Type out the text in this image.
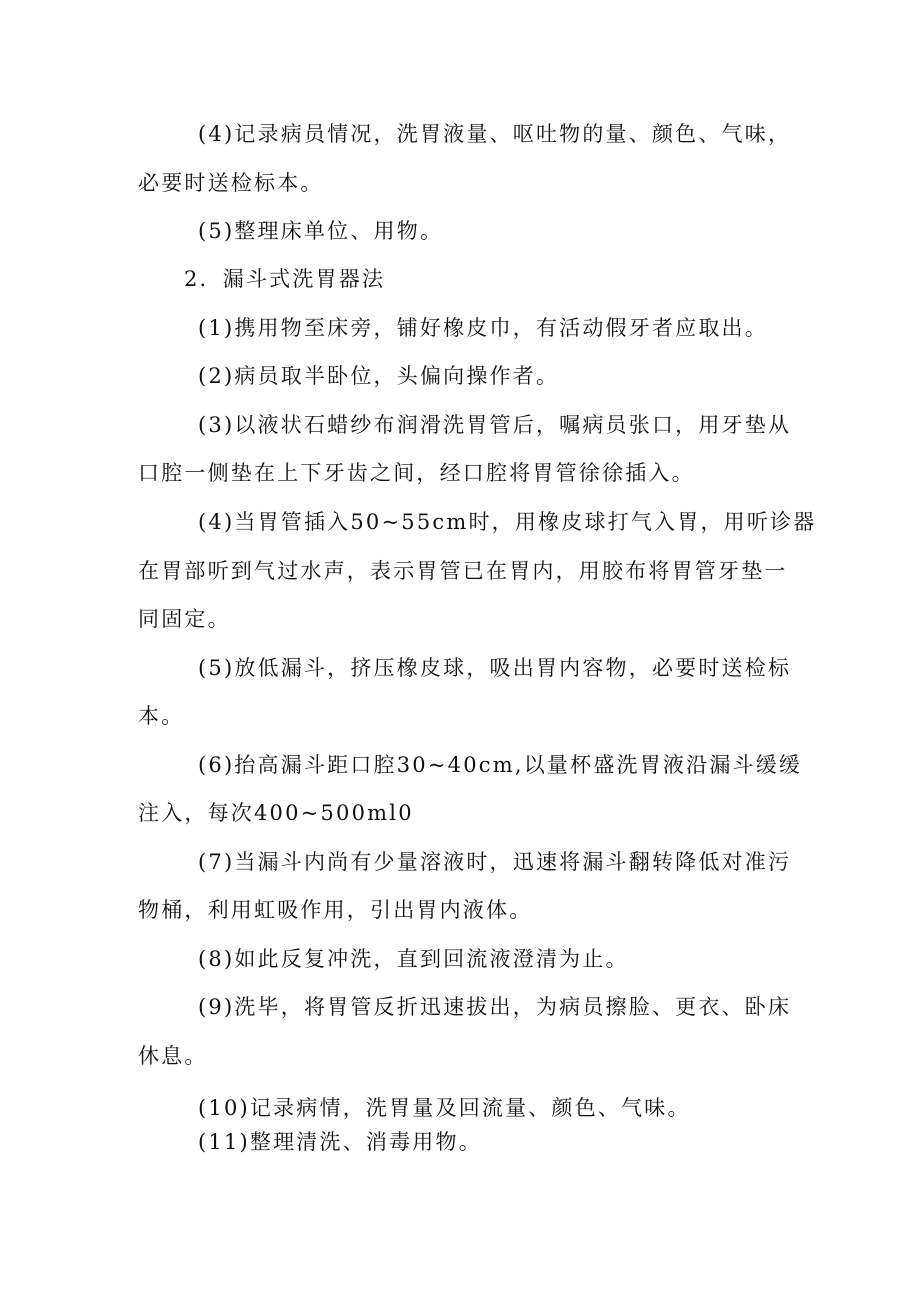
(4)记录病员情况，洗胃液量、呕吐物的量、颜色、气味，
必要时送检标本。
(5)整理床单位、用物。
2．漏斗式洗胃器法
(1)携用物至床旁，铺好橡皮巾，有活动假牙者应取出。
(2)病员取半卧位，头偏向操作者。
(3)以液状石蜡纱布润滑洗胃管后，嘱病员张口，用牙垫从
口腔一侧垫在上下牙齿之间，经口腔将胃管徐徐插入。
(4)当胃管插入50~55cm时，用橡皮球打气入胃，用听诊器
在胃部听到气过水声，表示胃管已在胃内，用胶布将胃管牙垫一
同固定。
(5)放低漏斗，挤压橡皮球，吸出胃内容物，必要时送检标
本。
(6)抬高漏斗距口腔30~40cm,以量杯盛洗胃液沿漏斗缓缓
注入，每次400~500ml0
(7)当漏斗内尚有少量溶液时，迅速将漏斗翻转降低对准污
物桶，利用虹吸作用，引出胃内液体。
(8)如此反复冲洗，直到回流液澄清为止。
(9)洗毕，将胃管反折迅速拔出，为病员擦脸、更衣、卧床
休息。
(10)记录病情，洗胃量及回流量、颜色、气味。
(11)整理清洗、消毒用物。
